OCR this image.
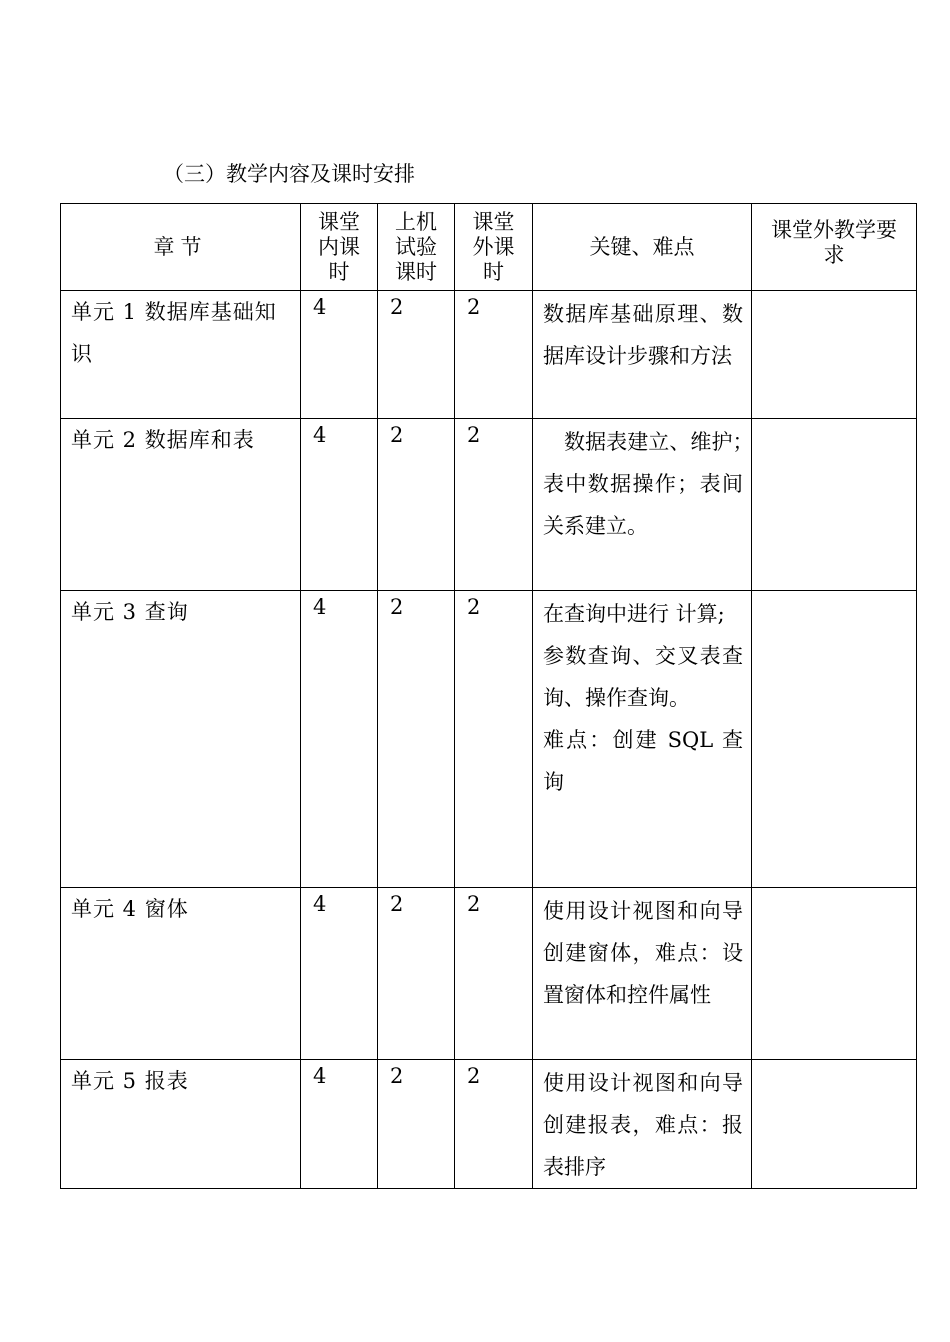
（三）教学内容及课时安排
章节	课堂内课时	上机试验课时	课堂外课时	关键、难点	课堂外教学要求

单元 1 数据库基础知识	4	2	2	数据库基础原理、数据库设计步骤和方法	

单元 2 数据库和表	4	2	2	　数据表建立、维护；　表中数据操作；表间关系建立。	

单元 3 查询	4	2	2	在查询中进行 计算;
参数查询、交叉表查询、操作查询。
难点：创建 SQL 查询	

单元 4 窗体	4	2	2	使用设计视图和向导创建窗体，难点：设置窗体和控件属性	

单元 5 报表	4	2	2	使用设计视图和向导创建报表，难点：报表排序	
